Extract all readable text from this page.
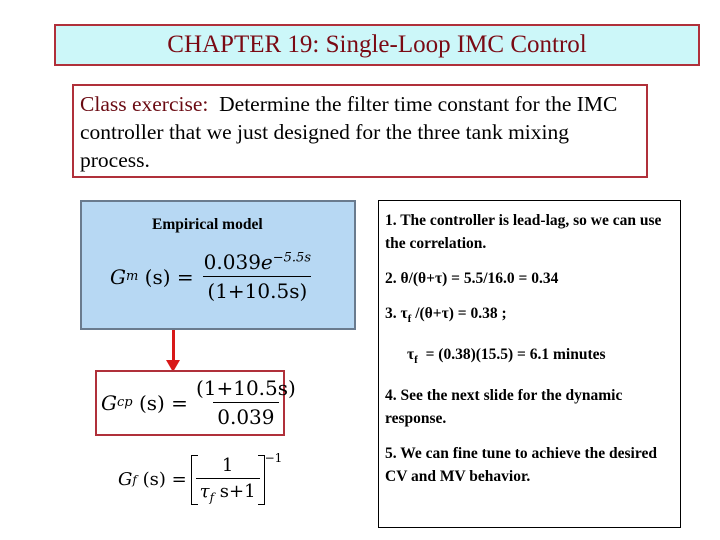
CHAPTER 19: Single-Loop IMC Control
Class exercise:  Determine the filter time constant for the IMC controller that we just designed for the three tank mixing process.
Empirical model
G m $(s) = \frac{0.039e^{-5.5s}}{(1+10.5s)}$
G cp $(s) = \frac{(1+10.5s)}{0.039}$
G f $(s) = \frac{1}{\tau_f s+1} ^{-1}$

1. The controller is lead-lag, so we can use the correlation.

2. θ/(θ+τ) = 5.5/16.0 = 0.34

3. $\tau_f$ /(θ+τ) = 0.38 ;

$\tau_f = (0.38)(15.5) = 6.1$ minutes

4. See the next slide for the dynamic response.

5. We can fine tune to achieve the desired CV and MV behavior.
